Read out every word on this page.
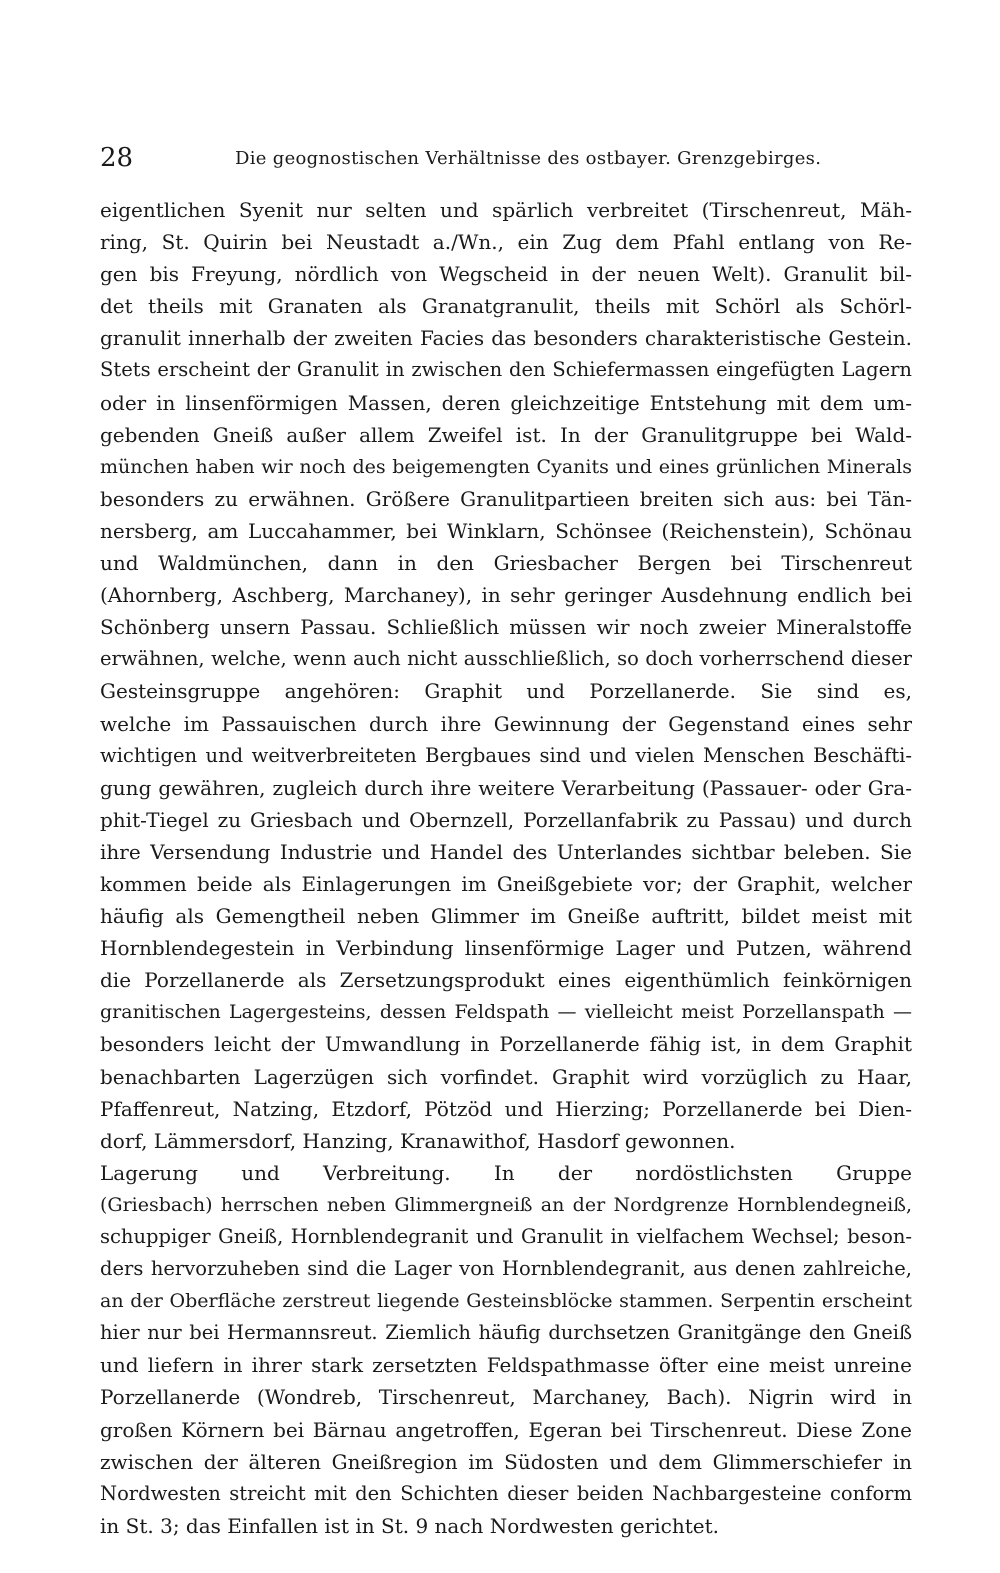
28	Die geognostischen Verhältnisse des ostbayer. Grenzgebirges.
eigentlichen Syenit nur selten und spärlich verbreitet (Tirschenreut, Mäh-
ring, St. Quirin bei Neustadt a./Wn., ein Zug dem Pfahl entlang von Re-
gen bis Freyung, nördlich von Wegscheid in der neuen Welt). Granulit bil-
det theils mit Granaten als Granatgranulit, theils mit Schörl als Schörl-
granulit innerhalb der zweiten Facies das besonders charakteristische Gestein.
Stets erscheint der Granulit in zwischen den Schiefermassen eingefügten Lagern
oder in linsenförmigen Massen, deren gleichzeitige Entstehung mit dem um-
gebenden Gneiß außer allem Zweifel ist. In der Granulitgruppe bei Wald-
münchen haben wir noch des beigemengten Cyanits und eines grünlichen Minerals
besonders zu erwähnen. Größere Granulitpartieen breiten sich aus: bei Tän-
nersberg, am Luccahammer, bei Winklarn, Schönsee (Reichenstein), Schönau
und Waldmünchen, dann in den Griesbacher Bergen bei Tirschenreut
(Ahornberg, Aschberg, Marchaney), in sehr geringer Ausdehnung endlich bei
Schönberg unsern Passau. Schließlich müssen wir noch zweier Mineralstoffe
erwähnen, welche, wenn auch nicht ausschließlich, so doch vorherrschend dieser
Gesteinsgruppe angehören: Graphit und Porzellanerde. Sie sind es,
welche im Passauischen durch ihre Gewinnung der Gegenstand eines sehr
wichtigen und weitverbreiteten Bergbaues sind und vielen Menschen Beschäfti-
gung gewähren, zugleich durch ihre weitere Verarbeitung (Passauer- oder Gra-
phit-Tiegel zu Griesbach und Obernzell, Porzellanfabrik zu Passau) und durch
ihre Versendung Industrie und Handel des Unterlandes sichtbar beleben. Sie
kommen beide als Einlagerungen im Gneißgebiete vor; der Graphit, welcher
häufig als Gemengtheil neben Glimmer im Gneiße auftritt, bildet meist mit
Hornblendegestein in Verbindung linsenförmige Lager und Putzen, während
die Porzellanerde als Zersetzungsprodukt eines eigenthümlich feinkörnigen
granitischen Lagergesteins, dessen Feldspath — vielleicht meist Porzellanspath —
besonders leicht der Umwandlung in Porzellanerde fähig ist, in dem Graphit
benachbarten Lagerzügen sich vorfindet. Graphit wird vorzüglich zu Haar,
Pfaffenreut, Natzing, Etzdorf, Pötzöd und Hierzing; Porzellanerde bei Dien-
dorf, Lämmersdorf, Hanzing, Kranawithof, Hasdorf gewonnen.
Lagerung und Verbreitung. In der nordöstlichsten Gruppe
(Griesbach) herrschen neben Glimmergneiß an der Nordgrenze Hornblendegneiß,
schuppiger Gneiß, Hornblendegranit und Granulit in vielfachem Wechsel; beson-
ders hervorzuheben sind die Lager von Hornblendegranit, aus denen zahlreiche,
an der Oberfläche zerstreut liegende Gesteinsblöcke stammen. Serpentin erscheint
hier nur bei Hermannsreut. Ziemlich häufig durchsetzen Granitgänge den Gneiß
und liefern in ihrer stark zersetzten Feldspathmasse öfter eine meist unreine
Porzellanerde (Wondreb, Tirschenreut, Marchaney, Bach). Nigrin wird in
großen Körnern bei Bärnau angetroffen, Egeran bei Tirschenreut. Diese Zone
zwischen der älteren Gneißregion im Südosten und dem Glimmerschiefer in
Nordwesten streicht mit den Schichten dieser beiden Nachbargesteine conform
in St. 3; das Einfallen ist in St. 9 nach Nordwesten gerichtet.
